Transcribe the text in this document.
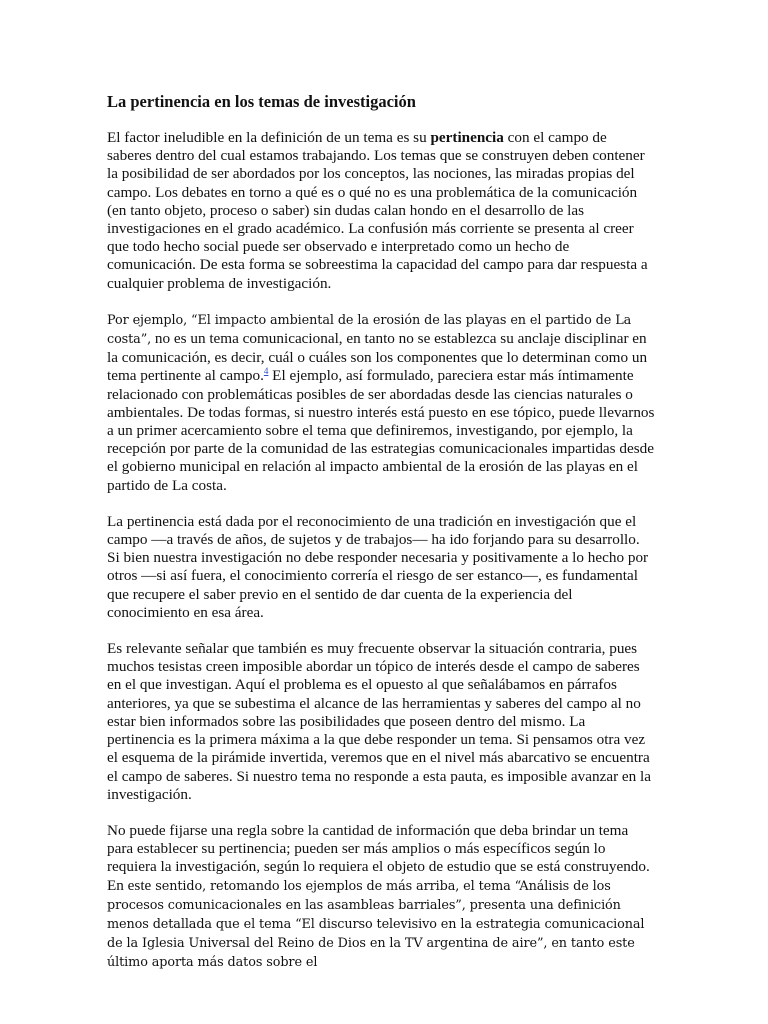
La pertinencia en los temas de investigación

El factor ineludible en la definición de un tema es su pertinencia con el campo de saberes dentro del cual estamos trabajando. Los temas que se construyen deben contener la posibilidad de ser abordados por los conceptos, las nociones, las miradas propias del campo. Los debates en torno a qué es o qué no es una problemática de la comunicación (en tanto objeto, proceso o saber) sin dudas calan hondo en el desarrollo de las investigaciones en el grado académico. La confusión más corriente se presenta al creer que todo hecho social puede ser observado e interpretado como un hecho de comunicación. De esta forma se sobreestima la capacidad del campo para dar respuesta a cualquier problema de investigación.

Por ejemplo, “El impacto ambiental de la erosión de las playas en el partido de La costa”, no es un tema comunicacional, en tanto no se establezca su anclaje disciplinar en la comunicación, es decir, cuál o cuáles son los componentes que lo determinan como un tema pertinente al campo.$^4$ El ejemplo, así formulado, pareciera estar más íntimamente relacionado con problemáticas posibles de ser abordadas desde las ciencias naturales o ambientales. De todas formas, si nuestro interés está puesto en ese tópico, puede llevarnos a un primer acercamiento sobre el tema que definiremos, investigando, por ejemplo, la recepción por parte de la comunidad de las estrategias comunicacionales impartidas desde el gobierno municipal en relación al impacto ambiental de la erosión de las playas en el partido de La costa.

La pertinencia está dada por el reconocimiento de una tradición en investigación que el campo —a través de años, de sujetos y de trabajos— ha ido forjando para su desarrollo. Si bien nuestra investigación no debe responder necesaria y positivamente a lo hecho por otros —si así fuera, el conocimiento correría el riesgo de ser estanco—, es fundamental que recupere el saber previo en el sentido de dar cuenta de la experiencia del conocimiento en esa área.

Es relevante señalar que también es muy frecuente observar la situación contraria, pues muchos tesistas creen imposible abordar un tópico de interés desde el campo de saberes en el que investigan. Aquí el problema es el opuesto al que señalábamos en párrafos anteriores, ya que se subestima el alcance de las herramientas y saberes del campo al no estar bien informados sobre las posibilidades que poseen dentro del mismo. La pertinencia es la primera máxima a la que debe responder un tema. Si pensamos otra vez el esquema de la pirámide invertida, veremos que en el nivel más abarcativo se encuentra el campo de saberes. Si nuestro tema no responde a esta pauta, es imposible avanzar en la investigación.

No puede fijarse una regla sobre la cantidad de información que deba brindar un tema para establecer su pertinencia; pueden ser más amplios o más específicos según lo requiera la investigación, según lo requiera el objeto de estudio que se está construyendo. En este sentido, retomando los ejemplos de más arriba, el tema “Análisis de los procesos comunicacionales en las asambleas barriales”, presenta una definición menos detallada que el tema “El discurso televisivo en la estrategia comunicacional de la Iglesia Universal del Reino de Dios en la TV argentina de aire”, en tanto este último aporta más datos sobre el
